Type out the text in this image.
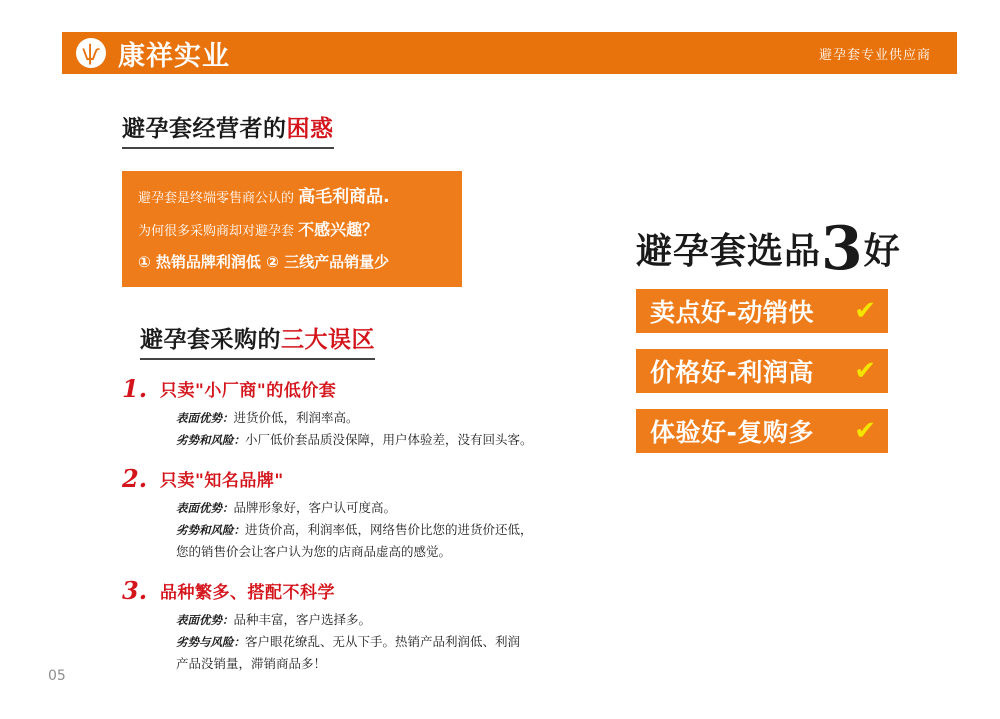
ѱ 康祥实业	避孕套专业供应商
避孕套经营者的困惑
避孕套是终端零售商公认的 高毛利商品.
为何很多采购商却对避孕套 不感兴趣？
① 热销品牌利润低 ② 三线产品销量少
避孕套采购的三大误区
1. 只卖"小厂商"的低价套

表面优势：进货价低，利润率高。

劣势和风险：小厂低价套品质没保障，用户体验差，没有回头客。

2. 只卖"知名品牌"

表面优势：品牌形象好，客户认可度高。

劣势和风险：进货价高，利润率低，网络售价比您的进货价还低，

您的销售价会让客户认为您的店商品虚高的感觉。

3. 品种繁多、搭配不科学

表面优势：品种丰富，客户选择多。

劣势与风险：客户眼花缭乱、无从下手。热销产品利润低、利润

产品没销量，滞销商品多！

避孕套选品3好
卖点好-动销快 ✔
价格好-利润高 ✔
体验好-复购多 ✔
05
